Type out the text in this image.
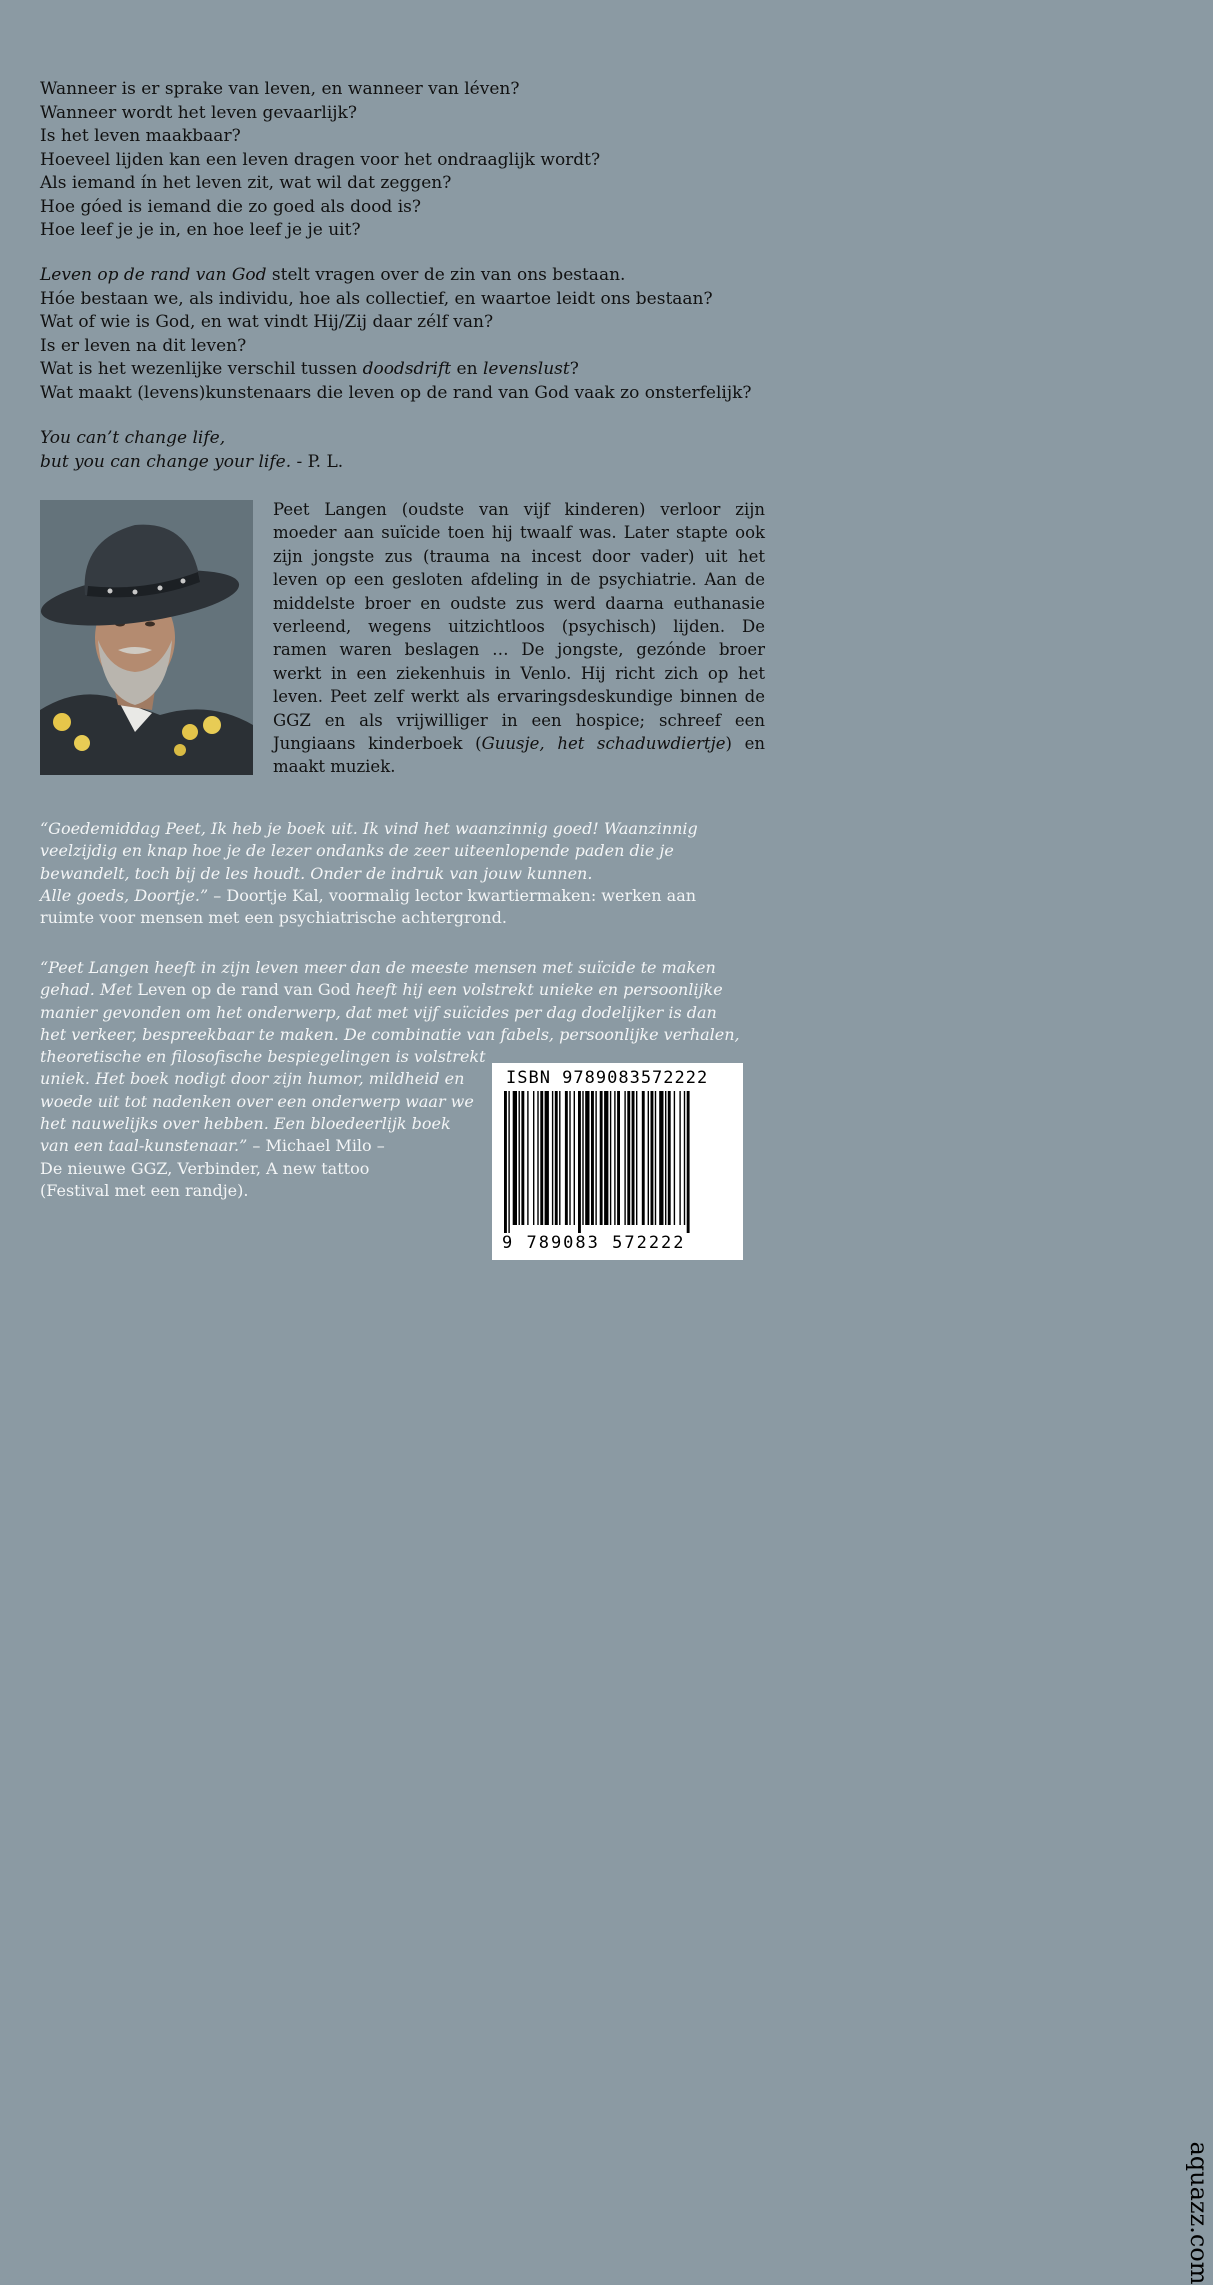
Wanneer is er sprake van leven, en wanneer van léven?
Wanneer wordt het leven gevaarlijk?
Is het leven maakbaar?
Hoeveel lijden kan een leven dragen voor het ondraaglijk wordt?
Als iemand ín het leven zit, wat wil dat zeggen?
Hoe góed is iemand die zo goed als dood is?
Hoe leef je je in, en hoe leef je je uit?
Leven op de rand van God stelt vragen over de zin van ons bestaan.
Hóe bestaan we, als individu, hoe als collectief, en waartoe leidt ons bestaan?
Wat of wie is God, en wat vindt Hij/Zij daar zélf van?
Is er leven na dit leven?
Wat is het wezenlijke verschil tussen doodsdrift en levenslust?
Wat maakt (levens)kunstenaars die leven op de rand van God vaak zo onsterfelijk?
You can’t change life,
but you can change your life. - P. L.
Peet Langen (oudste van vijf kinderen) verloor zijn moeder aan suïcide toen hij twaalf was. Later stapte ook zijn jongste zus (trauma na incest door vader) uit het leven op een gesloten afdeling in de psychiatrie. Aan de middelste broer en oudste zus werd daarna euthanasie verleend, wegens uitzichtloos (psychisch) lijden. De ramen waren beslagen … De jongste, gezónde broer werkt in een ziekenhuis in Venlo. Hij richt zich op het leven. Peet zelf werkt als ervaringsdeskundige binnen de GGZ en als vrijwilliger in een hospice; schreef een Jungiaans kinderboek (Guusje, het schaduwdiertje) en maakt muziek.
“Goedemiddag Peet, Ik heb je boek uit. Ik vind het waanzinnig goed! Waanzinnig
veelzijdig en knap hoe je de lezer ondanks de zeer uiteenlopende paden die je
bewandelt, toch bij de les houdt. Onder de indruk van jouw kunnen.
Alle goeds, Doortje.” – Doortje Kal, voormalig lector kwartiermaken: werken aan
ruimte voor mensen met een psychiatrische achtergrond.
“Peet Langen heeft in zijn leven meer dan de meeste mensen met suïcide te maken
gehad. Met Leven op de rand van God heeft hij een volstrekt unieke en persoonlijke
manier gevonden om het onderwerp, dat met vijf suïcides per dag dodelijker is dan
het verkeer, bespreekbaar te maken. De combinatie van fabels, persoonlijke verhalen,
theoretische en filosofische bespiegelingen is volstrekt
uniek. Het boek nodigt door zijn humor, mildheid en
woede uit tot nadenken over een onderwerp waar we
het nauwelijks over hebben. Een bloedeerlijk boek
van een taal-kunstenaar.” – Michael Milo –
De nieuwe GGZ, Verbinder, A new tattoo
(Festival met een randje).
ISBN 9789083572222
9 789083 572222
aquazz.com
